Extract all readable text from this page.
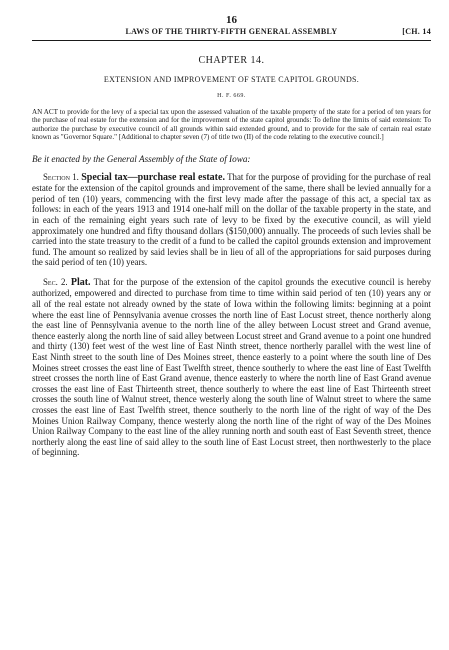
16
LAWS OF THE THIRTY-FIFTH GENERAL ASSEMBLY	[CH. 14
CHAPTER 14.
EXTENSION AND IMPROVEMENT OF STATE CAPITOL GROUNDS.
H. F. 669.

AN ACT to provide for the levy of a special tax upon the assessed valuation of the taxable property of the state for a period of ten years for the purchase of real estate for the extension and for the improvement of the state capitol grounds: To define the limits of said extension: To authorize the purchase by executive council of all grounds within said extended ground, and to provide for the sale of certain real estate known as "Governor Square." [Additional to chapter seven (7) of title two (II) of the code relating to the executive council.]

Be it enacted by the General Assembly of the State of Iowa:

Section 1. Special tax—purchase real estate. That for the purpose of providing for the purchase of real estate for the extension of the capitol grounds and improvement of the same, there shall be levied annually for a period of ten (10) years, commencing with the first levy made after the passage of this act, a special tax as follows: in each of the years 1913 and 1914 one-half mill on the dollar of the taxable property in the state, and in each of the remaining eight years such rate of levy to be fixed by the executive council, as will yield approximately one hundred and fifty thousand dollars ($150,000) annually. The proceeds of such levies shall be carried into the state treasury to the credit of a fund to be called the capitol grounds extension and improvement fund. The amount so realized by said levies shall be in lieu of all of the appropriations for said purposes during the said period of ten (10) years.

Sec. 2. Plat. That for the purpose of the extension of the capitol grounds the executive council is hereby authorized, empowered and directed to purchase from time to time within said period of ten (10) years any or all of the real estate not already owned by the state of Iowa within the following limits: beginning at a point where the east line of Pennsylvania avenue crosses the north line of East Locust street, thence northerly along the east line of Pennsylvania avenue to the north line of the alley between Locust street and Grand avenue, thence easterly along the north line of said alley between Locust street and Grand avenue to a point one hundred and thirty (130) feet west of the west line of East Ninth street, thence northerly parallel with the west line of East Ninth street to the south line of Des Moines street, thence easterly to a point where the south line of Des Moines street crosses the east line of East Twelfth street, thence southerly to where the east line of East Twelfth street crosses the north line of East Grand avenue, thence easterly to where the north line of East Grand avenue crosses the east line of East Thirteenth street, thence southerly to where the east line of East Thirteenth street crosses the south line of Walnut street, thence westerly along the south line of Walnut street to where the same crosses the east line of East Twelfth street, thence southerly to the north line of the right of way of the Des Moines Union Railway Company, thence westerly along the north line of the right of way of the Des Moines Union Railway Company to the east line of the alley running north and south east of East Seventh street, thence northerly along the east line of said alley to the south line of East Locust street, then northwesterly to the place of beginning.
